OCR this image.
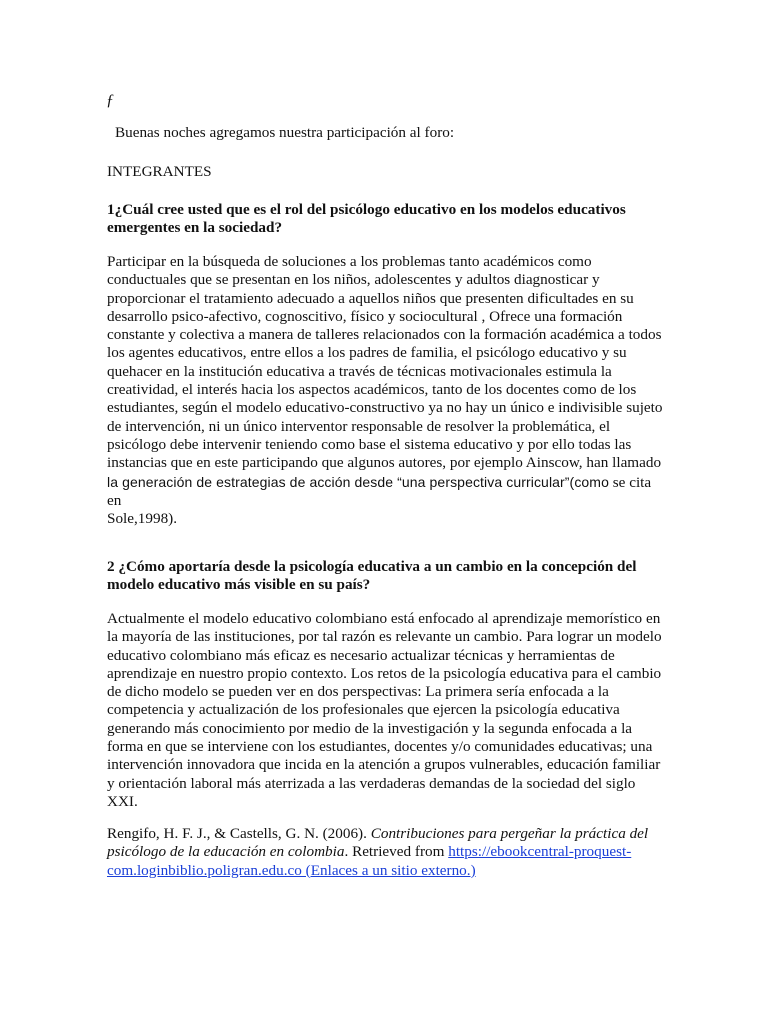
ƒ
Buenas noches agregamos nuestra participación al foro:
INTEGRANTES
1¿Cuál cree usted que es el rol del psicólogo educativo en los modelos educativos
emergentes en la sociedad?
Participar en la búsqueda de soluciones a los problemas tanto académicos como
conductuales que se presentan en los niños, adolescentes y adultos diagnosticar y
proporcionar el tratamiento adecuado a aquellos niños que presenten dificultades en su
desarrollo psico-afectivo, cognoscitivo, físico y sociocultural , Ofrece una formación
constante y colectiva a manera de talleres relacionados con la formación académica a todos
los agentes educativos, entre ellos a los padres de familia, el psicólogo educativo y su
quehacer en la institución educativa a través de técnicas motivacionales estimula la
creatividad, el interés hacia los aspectos académicos, tanto de los docentes como de los
estudiantes, según el modelo educativo-constructivo ya no hay un único e indivisible sujeto
de intervención, ni un único interventor responsable de resolver la problemática, el
psicólogo debe intervenir teniendo como base el sistema educativo y por ello todas las
instancias que en este participando que algunos autores, por ejemplo Ainscow, han llamado
la generación de estrategias de acción desde “una perspectiva curricular”(como se cita en
Sole,1998).
2 ¿Cómo aportaría desde la psicología educativa a un cambio en la concepción del
modelo educativo más visible en su país?
Actualmente el modelo educativo colombiano está enfocado al aprendizaje memorístico en
la mayoría de las instituciones, por tal razón es relevante un cambio. Para lograr un modelo
educativo colombiano más eficaz es necesario actualizar técnicas y herramientas de
aprendizaje en nuestro propio contexto. Los retos de la psicología educativa para el cambio
de dicho modelo se pueden ver en dos perspectivas: La primera sería enfocada a la
competencia y actualización de los profesionales que ejercen la psicología educativa
generando más conocimiento por medio de la investigación y la segunda enfocada a la
forma en que se interviene con los estudiantes, docentes y/o comunidades educativas; una
intervención innovadora que incida en la atención a grupos vulnerables, educación familiar
y orientación laboral más aterrizada a las verdaderas demandas de la sociedad del siglo
XXI.
Rengifo, H. F. J., & Castells, G. N. (2006). Contribuciones para pergeñar la práctica del
psicólogo de la educación en colombia. Retrieved from https://ebookcentral-proquest-
com.loginbiblio.poligran.edu.co (Enlaces a un sitio externo.)
